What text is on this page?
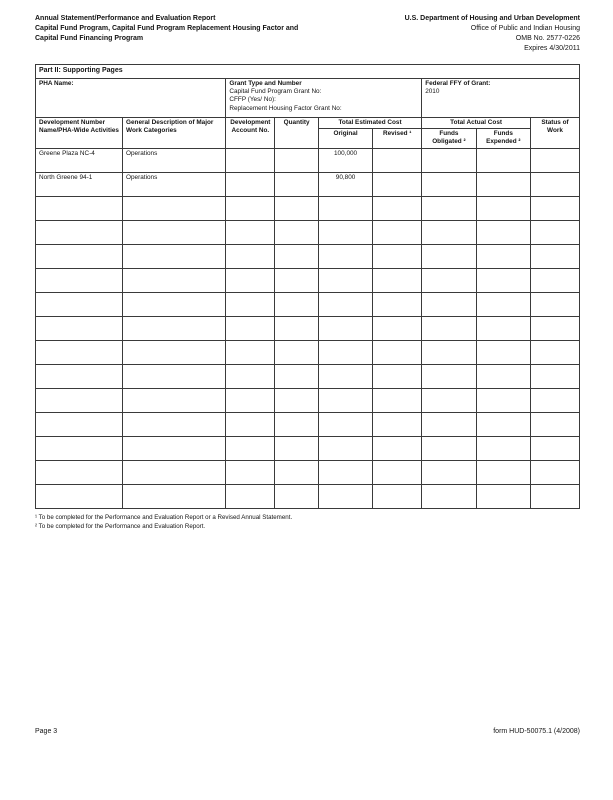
Annual Statement/Performance and Evaluation Report
Capital Fund Program, Capital Fund Program Replacement Housing Factor and
Capital Fund Financing Program
U.S. Department of Housing and Urban Development
Office of Public and Indian Housing
OMB No. 2577-0226
Expires 4/30/2011
Part II: Supporting Pages								
PHA Name:		Grant Type and Number
Capital Fund Program Grant No:
CFFP (Yes/ No):
Replacement Housing Factor Grant No:				Federal FFY of Grant:
2010		

Development Number Name/PHA-Wide Activities	General Description of Major Work Categories	Development Account No.	Quantity	Total Estimated Cost		Total Actual Cost		Status of Work
				Original	Revised ¹	Funds Obligated ²	Funds Expended ²	
Greene Plaza NC-4	Operations			100,000				
North Greene 94-1	Operations			90,800				

¹ To be completed for the Performance and Evaluation Report or a Revised Annual Statement.
² To be completed for the Performance and Evaluation Report.
Page 3	form HUD-50075.1 (4/2008)
